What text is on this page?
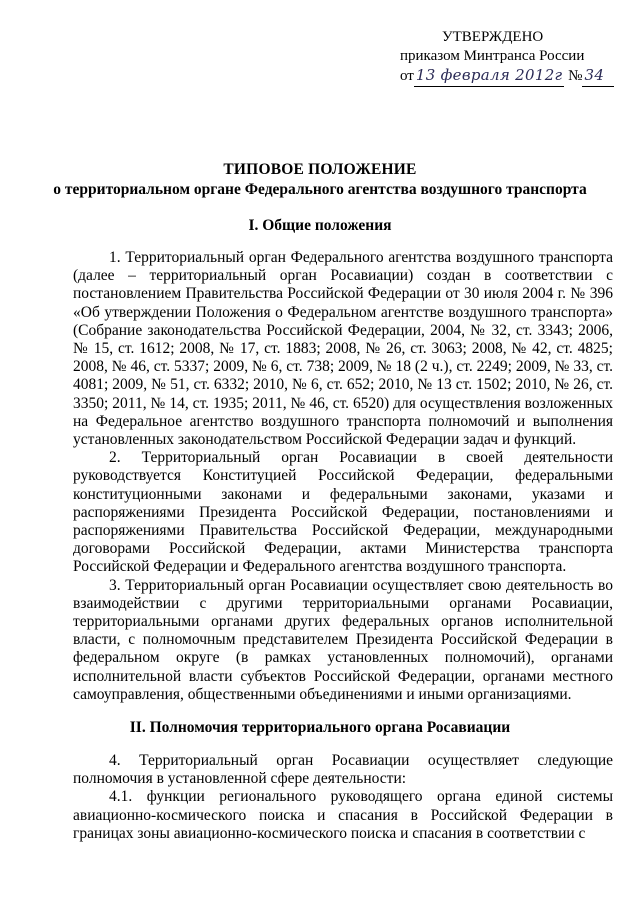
УТВЕРЖДЕНО
приказом Минтранса России
от 13 февраля 2012г № 34
ТИПОВОЕ ПОЛОЖЕНИЕ
о территориальном органе Федерального агентства воздушного транспорта
I. Общие положения

1. Территориальный орган Федерального агентства воздушного транспорта (далее – территориальный орган Росавиации) создан в соответствии с постановлением Правительства Российской Федерации от 30 июля 2004 г. № 396 «Об утверждении Положения о Федеральном агентстве воздушного транспорта» (Собрание законодательства Российской Федерации, 2004, № 32, ст. 3343; 2006, № 15, ст. 1612; 2008, № 17, ст. 1883; 2008, № 26, ст. 3063; 2008, № 42, ст. 4825; 2008, № 46, ст. 5337; 2009, № 6, ст. 738; 2009, № 18 (2 ч.), ст. 2249; 2009, № 33, ст. 4081; 2009, № 51, ст. 6332; 2010, № 6, ст. 652; 2010, № 13 ст. 1502; 2010, № 26, ст. 3350; 2011, № 14, ст. 1935; 2011, № 46, ст. 6520) для осуществления возложенных на Федеральное агентство воздушного транспорта полномочий и выполнения установленных законодательством Российской Федерации задач и функций.

2. Территориальный орган Росавиации в своей деятельности руководствуется Конституцией Российской Федерации, федеральными конституционными законами и федеральными законами, указами и распоряжениями Президента Российской Федерации, постановлениями и распоряжениями Правительства Российской Федерации, международными договорами Российской Федерации, актами Министерства транспорта Российской Федерации и Федерального агентства воздушного транспорта.

3. Территориальный орган Росавиации осуществляет свою деятельность во взаимодействии с другими территориальными органами Росавиации, территориальными органами других федеральных органов исполнительной власти, с полномочным представителем Президента Российской Федерации в федеральном округе (в рамках установленных полномочий), органами исполнительной власти субъектов Российской Федерации, органами местного самоуправления, общественными объединениями и иными организациями.

II. Полномочия территориального органа Росавиации

4. Территориальный орган Росавиации осуществляет следующие полномочия в установленной сфере деятельности:

4.1. функции регионального руководящего органа единой системы авиационно-космического поиска и спасания в Российской Федерации в границах зоны авиационно-космического поиска и спасания в соответствии с
